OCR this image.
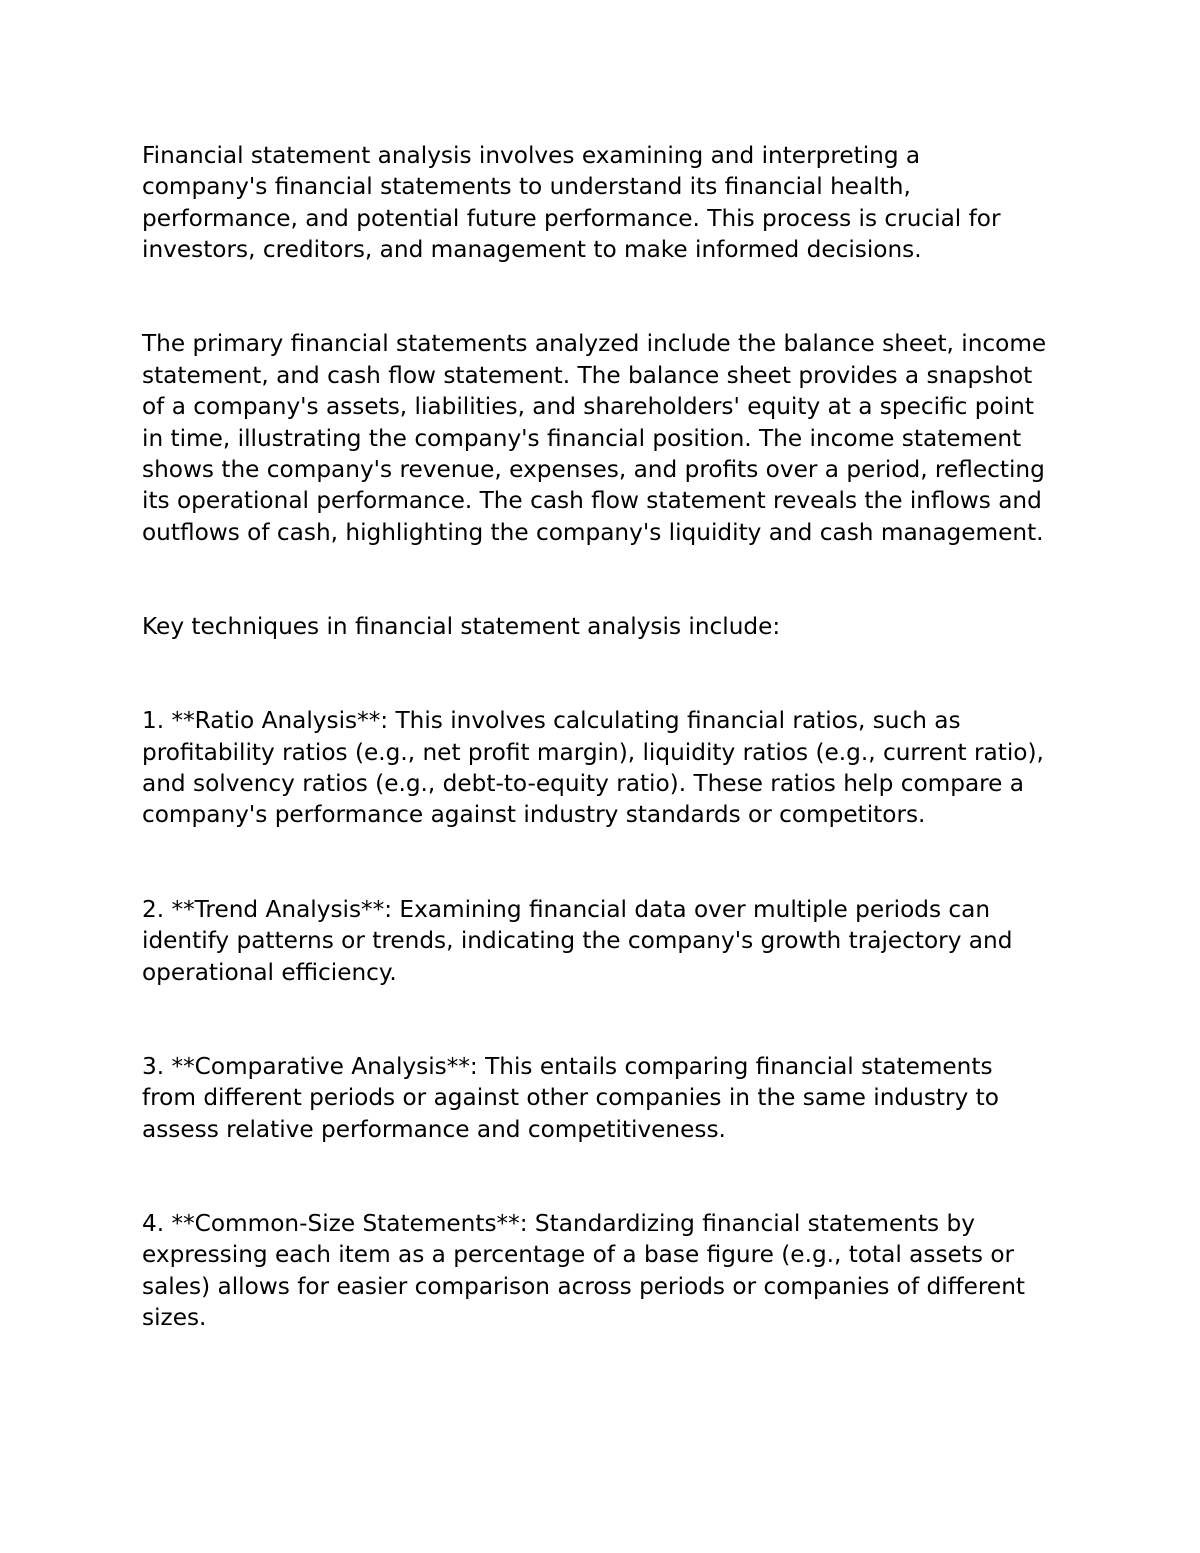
Financial statement analysis involves examining and interpreting a
company's financial statements to understand its financial health,
performance, and potential future performance. This process is crucial for
investors, creditors, and management to make informed decisions.

The primary financial statements analyzed include the balance sheet, income
statement, and cash flow statement. The balance sheet provides a snapshot
of a company's assets, liabilities, and shareholders' equity at a specific point
in time, illustrating the company's financial position. The income statement
shows the company's revenue, expenses, and profits over a period, reflecting
its operational performance. The cash flow statement reveals the inflows and
outflows of cash, highlighting the company's liquidity and cash management.

Key techniques in financial statement analysis include:

1. **Ratio Analysis**: This involves calculating financial ratios, such as
profitability ratios (e.g., net profit margin), liquidity ratios (e.g., current ratio),
and solvency ratios (e.g., debt-to-equity ratio). These ratios help compare a
company's performance against industry standards or competitors.

2. **Trend Analysis**: Examining financial data over multiple periods can
identify patterns or trends, indicating the company's growth trajectory and
operational efficiency.

3. **Comparative Analysis**: This entails comparing financial statements
from different periods or against other companies in the same industry to
assess relative performance and competitiveness.

4. **Common-Size Statements**: Standardizing financial statements by
expressing each item as a percentage of a base figure (e.g., total assets or
sales) allows for easier comparison across periods or companies of different
sizes.
